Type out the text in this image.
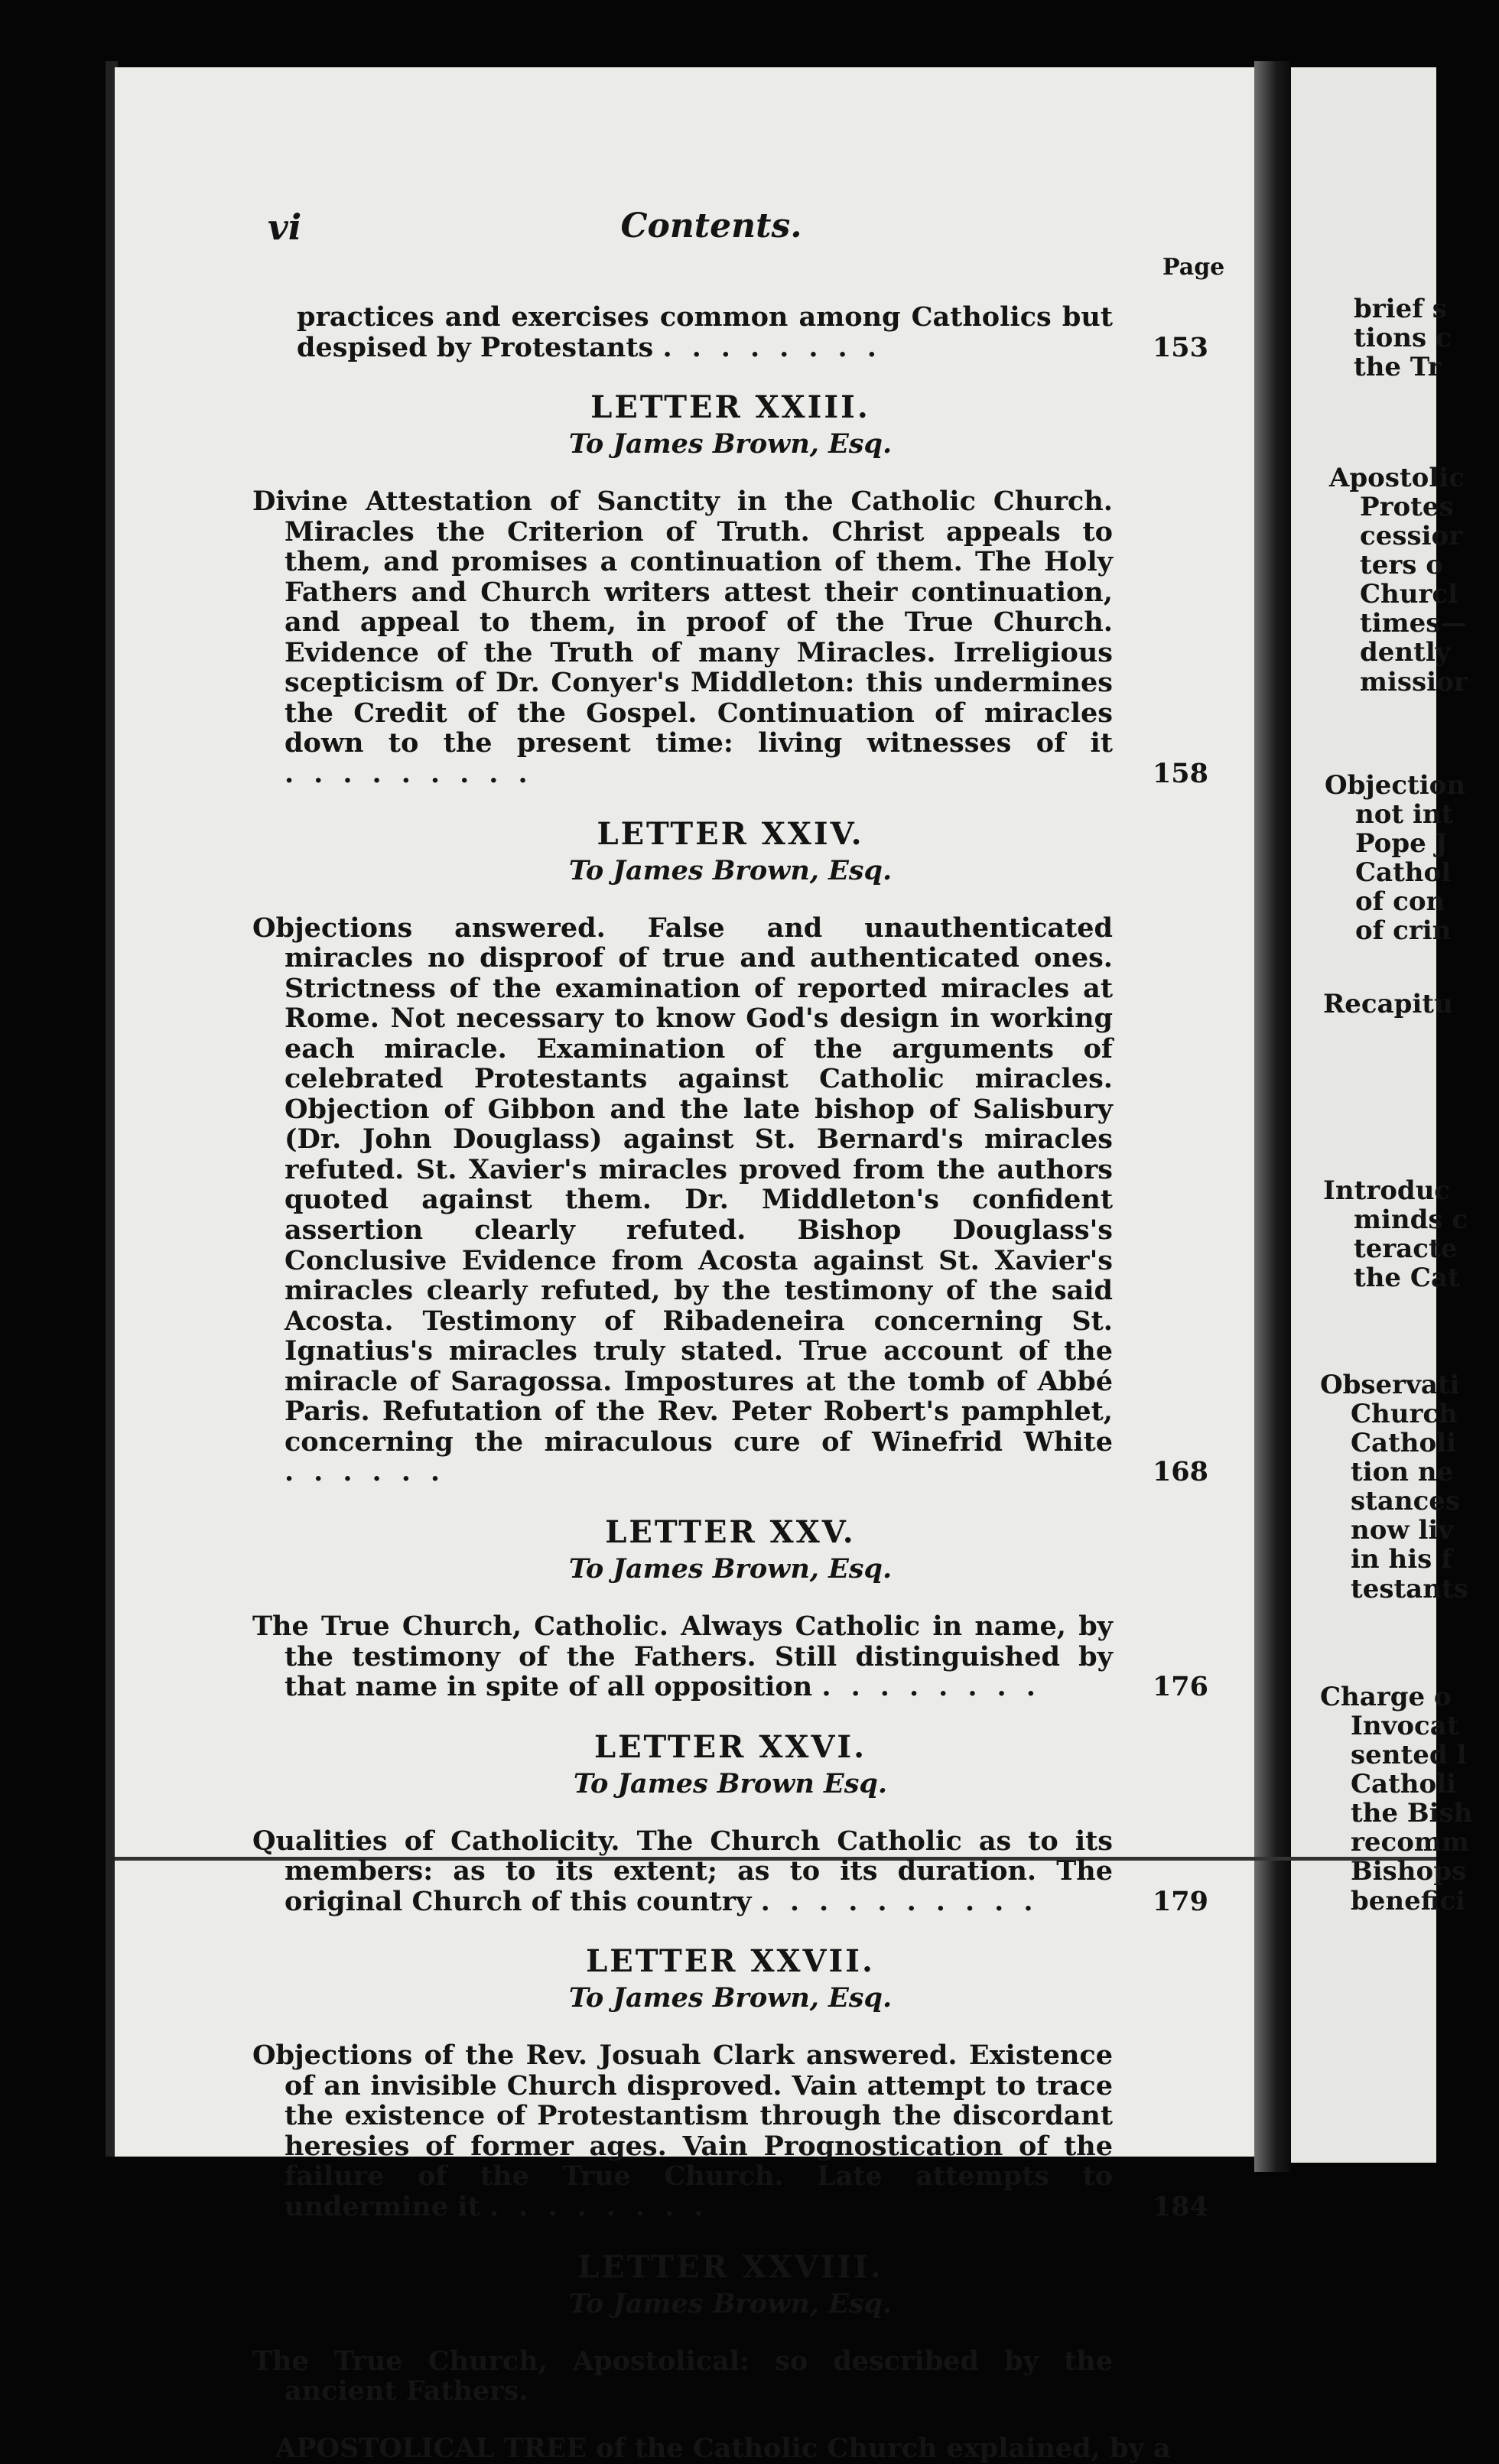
vi	Contents.
Page

practices and exercises common among Catholics but despised by Protestants ........	153

LETTER XXIII.
To James Brown, Esq.

Divine Attestation of Sanctity in the Catholic Church. Miracles the Criterion of Truth. Christ appeals to them, and promises a continuation of them. The Holy Fathers and Church writers attest their continuation, and appeal to them, in proof of the True Church. Evidence of the Truth of many Miracles. Irreligious scepticism of Dr. Conyer's Middleton: this undermines the Credit of the Gospel. Continuation of miracles down to the present time: living witnesses of it .........	158

LETTER XXIV.
To James Brown, Esq.

Objections answered. False and unauthenticated miracles no disproof of true and authenticated ones. Strictness of the examination of reported miracles at Rome. Not necessary to know God's design in working each miracle. Examination of the arguments of celebrated Protestants against Catholic miracles. Objection of Gibbon and the late bishop of Salisbury (Dr. John Douglass) against St. Bernard's miracles refuted. St. Xavier's miracles proved from the authors quoted against them. Dr. Middleton's confident assertion clearly refuted. Bishop Douglass's Conclusive Evidence from Acosta against St. Xavier's miracles clearly refuted, by the testimony of the said Acosta. Testimony of Ribadeneira concerning St. Ignatius's miracles truly stated. True account of the miracle of Saragossa. Impostures at the tomb of Abbé Paris. Refutation of the Rev. Peter Robert's pamphlet, concerning the miraculous cure of Winefrid White ......	168

LETTER XXV.
To James Brown, Esq.

The True Church, Catholic. Always Catholic in name, by the testimony of the Fathers. Still distinguished by that name in spite of all opposition ........	176

LETTER XXVI.
To James Brown Esq.

Qualities of Catholicity. The Church Catholic as to its members: as to its extent; as to its duration. The original Church of this country ..........	179

LETTER XXVII.
To James Brown, Esq.

Objections of the Rev. Josuah Clark answered. Existence of an invisible Church disproved. Vain attempt to trace the existence of Protestantism through the discordant heresies of former ages. Vain Prognostication of the failure of the True Church. Late attempts to undermine it ........	184

LETTER XXVIII.
To James Brown, Esq.

The True Church, Apostolical: so described by the ancient Fathers.

APOSTOLICAL TREE of the Catholic Church explained, by a
brief s
tions c
the Tr
Apostolic
Protes
cessior
ters o
Churcl
times—
dently
missior
Objection
not int
Pope J
Cathol
of con
of crin
Recapitu
Introduc
minds c
teracte
the Cat
Observati
Church
Catholi
tion ne
stances
now liv
in his f
testants
Charge o
Invocat
sented l
Catholi
the Bish
recomm
Bishops
benefici
